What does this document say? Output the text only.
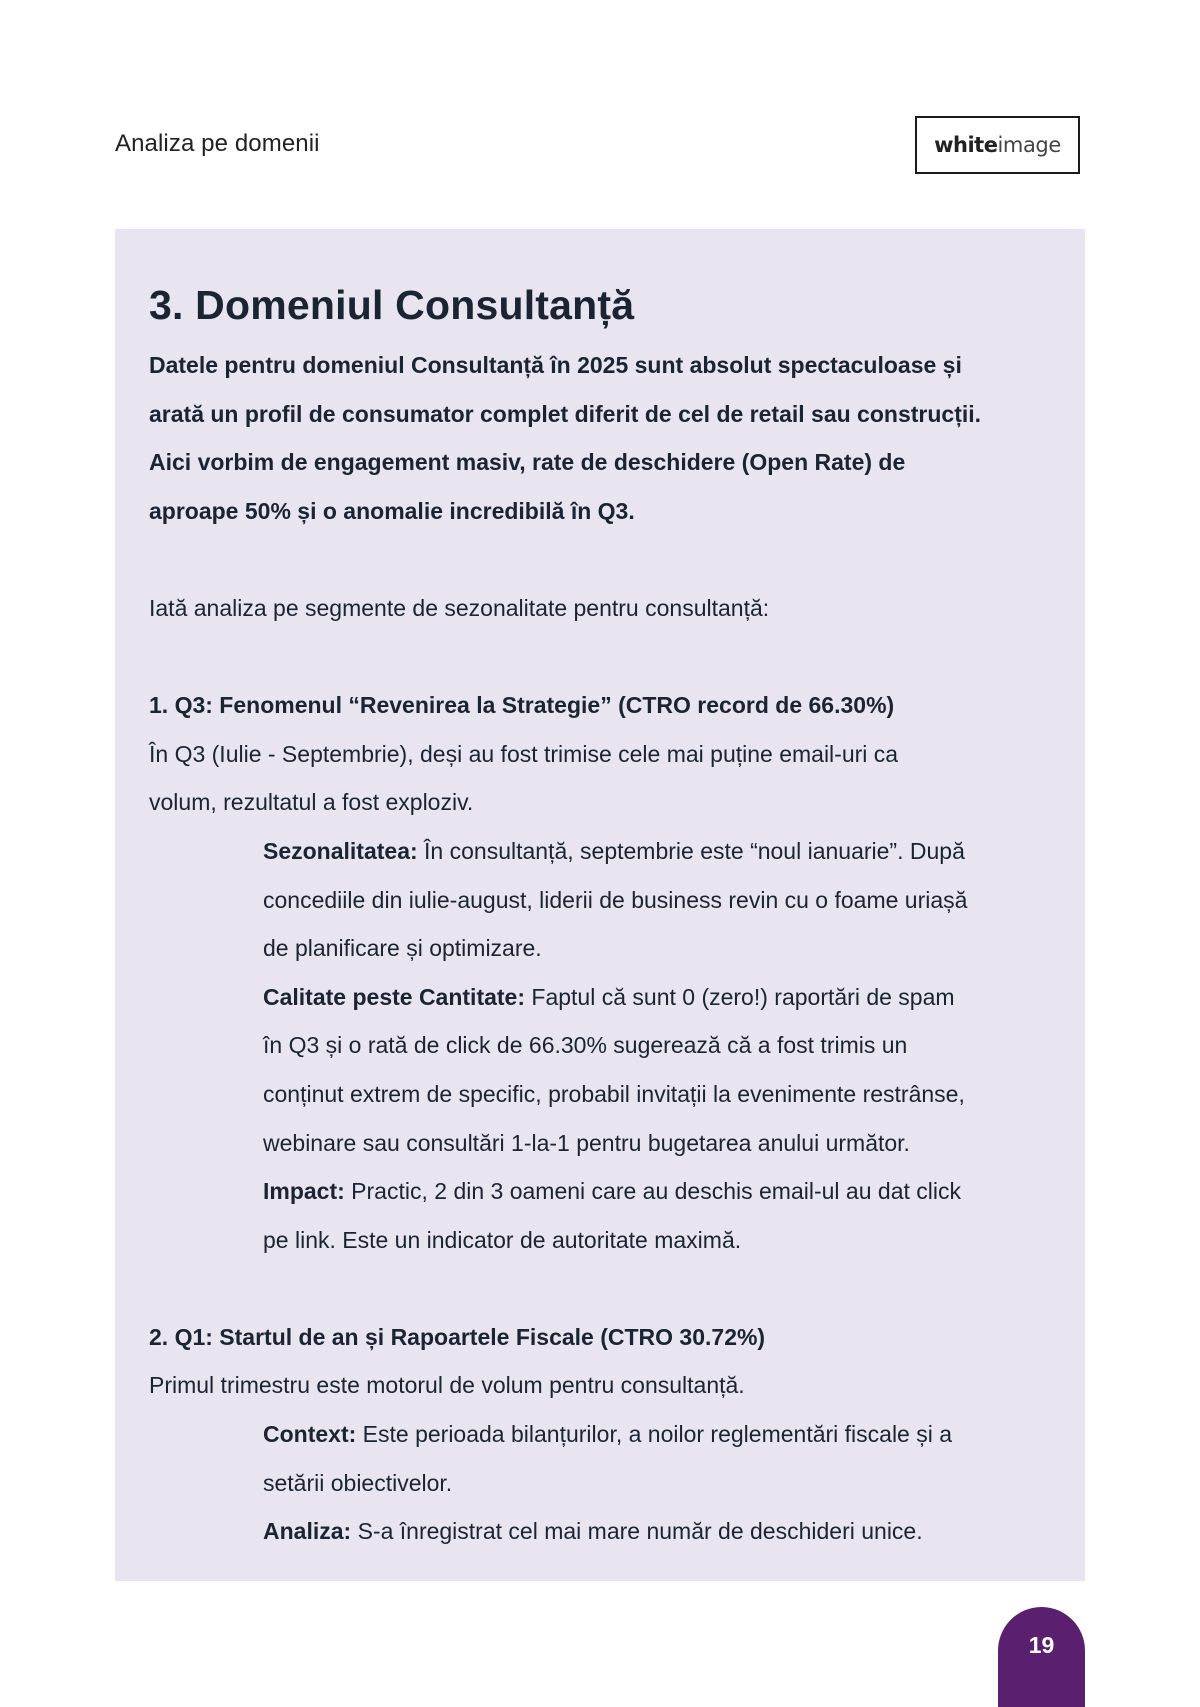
Analiza pe domenii	white image
3. Domeniul Consultanță
Datele pentru domeniul Consultanță în 2025 sunt absolut spectaculoase și
arată un profil de consumator complet diferit de cel de retail sau construcții.
Aici vorbim de engagement masiv, rate de deschidere (Open Rate) de
aproape 50% și o anomalie incredibilă în Q3.

Iată analiza pe segmente de sezonalitate pentru consultanță:

1. Q3: Fenomenul “Revenirea la Strategie” (CTRO record de 66.30%)

În Q3 (Iulie - Septembrie), deși au fost trimise cele mai puține email-uri ca
volum, rezultatul a fost exploziv.
Sezonalitatea: În consultanță, septembrie este “noul ianuarie”. După
concediile din iulie-august, liderii de business revin cu o foame uriașă
de planificare și optimizare.
Calitate peste Cantitate: Faptul că sunt 0 (zero!) raportări de spam
în Q3 și o rată de click de 66.30% sugerează că a fost trimis un
conținut extrem de specific, probabil invitații la evenimente restrânse,
webinare sau consultări 1-la-1 pentru bugetarea anului următor.
Impact: Practic, 2 din 3 oameni care au deschis email-ul au dat click
pe link. Este un indicator de autoritate maximă.

2. Q1: Startul de an și Rapoartele Fiscale (CTRO 30.72%)

Primul trimestru este motorul de volum pentru consultanță.
Context: Este perioada bilanțurilor, a noilor reglementări fiscale și a
setării obiectivelor.
Analiza: S-a înregistrat cel mai mare număr de deschideri unice.
19
